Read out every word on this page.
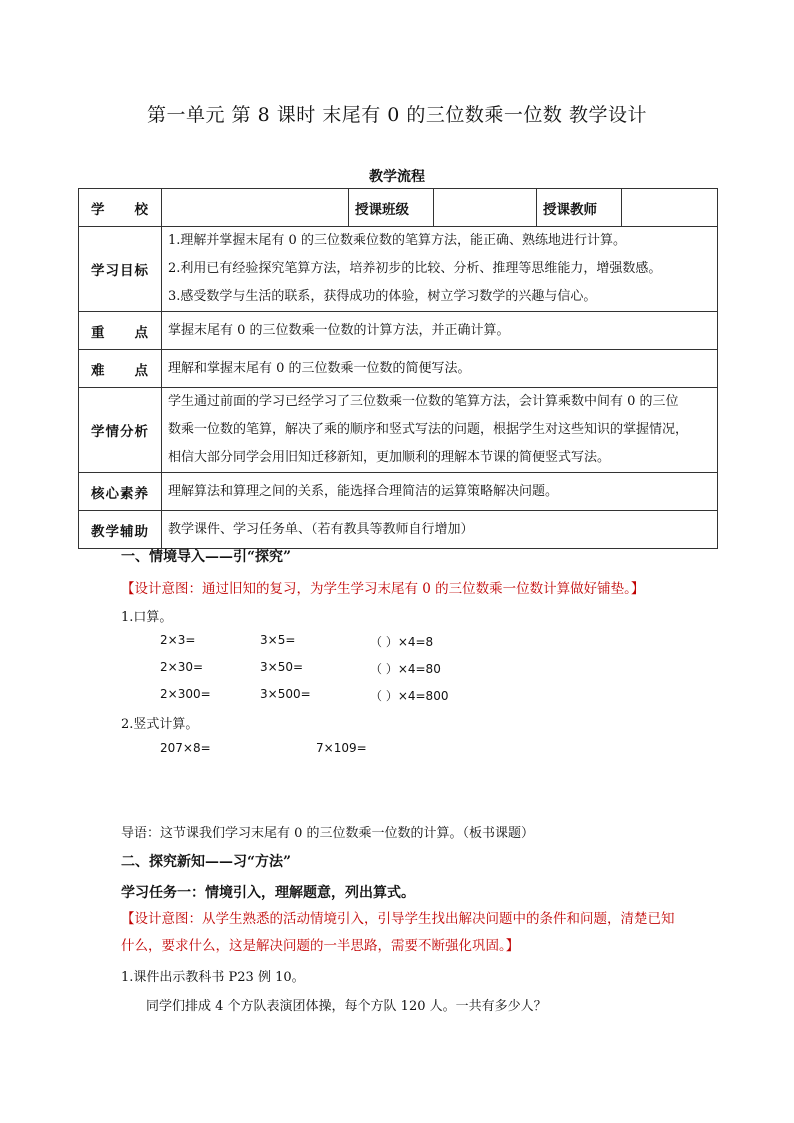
第一单元 第 8 课时 末尾有 0 的三位数乘一位数 教学设计
教学流程
学　　校		授课班级		授课教师	
学习目标	1.理解并掌握末尾有 0 的三位数乘位数的笔算方法，能正确、熟练地进行计算。
2.利用已有经验探究笔算方法，培养初步的比较、分析、推理等思维能力，增强数感。
3.感受数学与生活的联系，获得成功的体验，树立学习数学的兴趣与信心。				

重　　点	掌握末尾有 0 的三位数乘一位数的计算方法，并正确计算。				
难　　点	理解和掌握末尾有 0 的三位数乘一位数的简便写法。				
学情分析	学生通过前面的学习已经学习了三位数乘一位数的笔算方法，会计算乘数中间有 0 的三位
数乘一位数的笔算，解决了乘的顺序和竖式写法的问题，根据学生对这些知识的掌握情况，
相信大部分同学会用旧知迁移新知，更加顺利的理解本节课的简便竖式写法。				

核心素养	理解算法和算理之间的关系，能选择合理简洁的运算策略解决问题。				
教学辅助	教学课件、学习任务单、（若有教具等教师自行增加）				
一、情境导入——引“探究”
【设计意图：通过旧知的复习，为学生学习末尾有 0 的三位数乘一位数计算做好铺垫。】
1.口算。
2×3=	3×5=	（ ）×4=8
2×30=	3×50=	（ ）×4=80
2×300=	3×500=	（ ）×4=800
2.竖式计算。
207×8=	7×109=
导语：这节课我们学习末尾有 0 的三位数乘一位数的计算。（板书课题）
二、探究新知——习“方法”
学习任务一：情境引入，理解题意，列出算式。
【设计意图：从学生熟悉的活动情境引入，引导学生找出解决问题中的条件和问题，清楚已知什么，要求什么，这是解决问题的一半思路，需要不断强化巩固。】
1.课件出示教科书 P23 例 10。
同学们排成 4 个方队表演团体操，每个方队 120 人。一共有多少人？
